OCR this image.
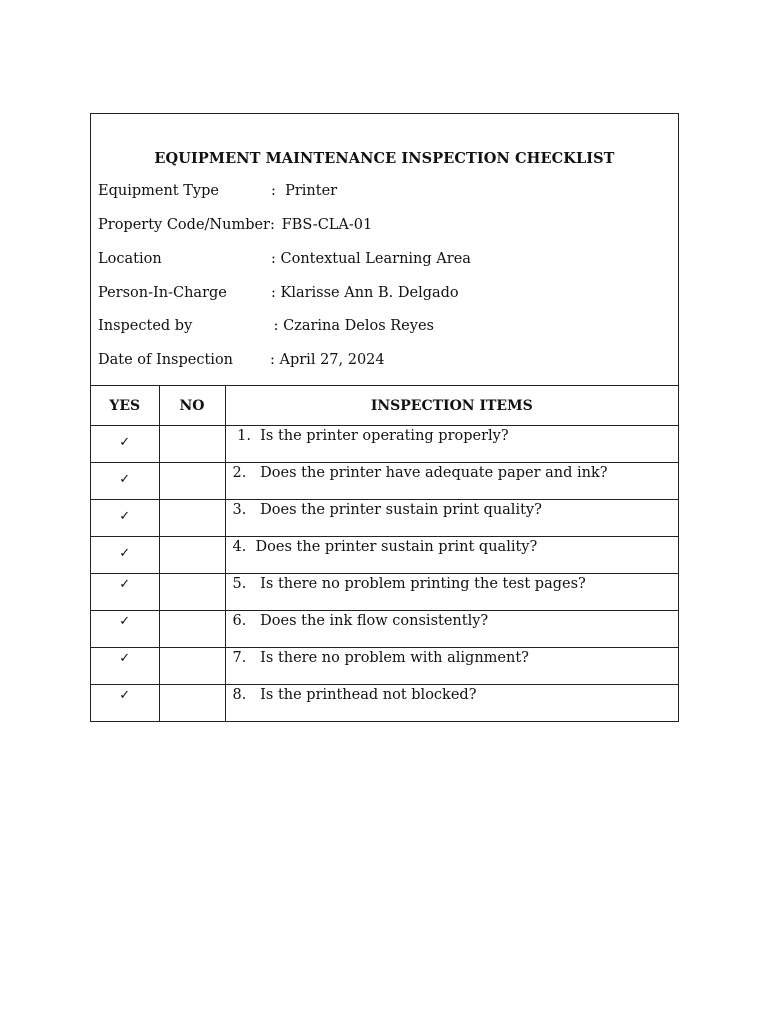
EQUIPMENT MAINTENANCE INSPECTION CHECKLIST

Equipment Type

	:  Printer

Property Code/Number:

FBS-CLA-01

Location

	: Contextual Learning Area

Person-In-Charge

	: Klarisse Ann B. Delgado

Inspected by

	: Czarina Delos Reyes

Date of Inspection

	: April 27, 2024

YES	NO	INSPECTION ITEMS

✓		1.  Is the printer operating properly?

✓		2.   Does the printer have adequate paper and ink?

✓		3.   Does the printer sustain print quality?

✓		4.  Does the printer sustain print quality?

✓		5.   Is there no problem printing the test pages?

✓		6.   Does the ink flow consistently?

✓		7.   Is there no problem with alignment?

✓		8.   Is the printhead not blocked?
